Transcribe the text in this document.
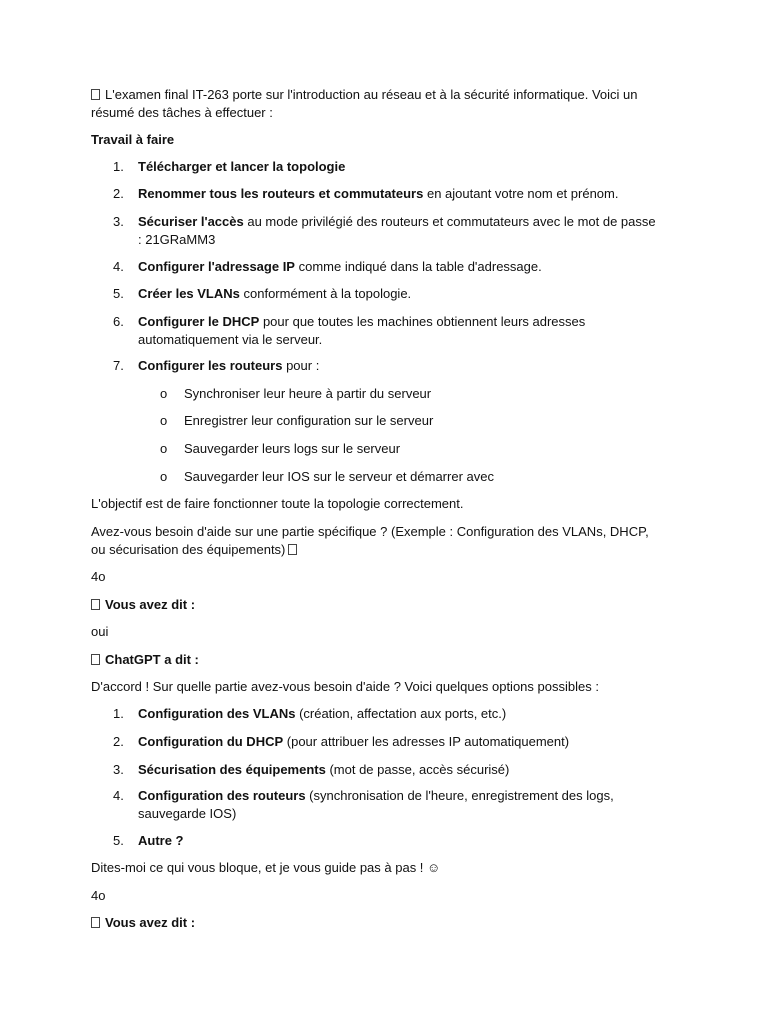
L'examen final IT-263 porte sur l'introduction au réseau et à la sécurité informatique. Voici un résumé des tâches à effectuer :

Travail à faire

1.	Télécharger et lancer la topologie

2.	Renommer tous les routeurs et commutateurs en ajoutant votre nom et prénom.

3.	Sécuriser l'accès au mode privilégié des routeurs et commutateurs avec le mot de passe : 21GRaMM3

4.	Configurer l'adressage IP comme indiqué dans la table d'adressage.

5.	Créer les VLANs conformément à la topologie.

6.	Configurer le DHCP pour que toutes les machines obtiennent leurs adresses automatiquement via le serveur.

7.	Configurer les routeurs pour :

o Synchroniser leur heure à partir du serveur

o Enregistrer leur configuration sur le serveur

o Sauvegarder leurs logs sur le serveur

o Sauvegarder leur IOS sur le serveur et démarrer avec

L'objectif est de faire fonctionner toute la topologie correctement.

Avez-vous besoin d'aide sur une partie spécifique ? (Exemple : Configuration des VLANs, DHCP, ou sécurisation des équipements)

4o

Vous avez dit :

oui

ChatGPT a dit :

D'accord ! Sur quelle partie avez-vous besoin d'aide ? Voici quelques options possibles :

1.	Configuration des VLANs (création, affectation aux ports, etc.)

2.	Configuration du DHCP (pour attribuer les adresses IP automatiquement)

3.	Sécurisation des équipements (mot de passe, accès sécurisé)

4.	Configuration des routeurs (synchronisation de l'heure, enregistrement des logs, sauvegarde IOS)

5.	Autre ?

Dites-moi ce qui vous bloque, et je vous guide pas à pas ! ☺

4o

Vous avez dit :
